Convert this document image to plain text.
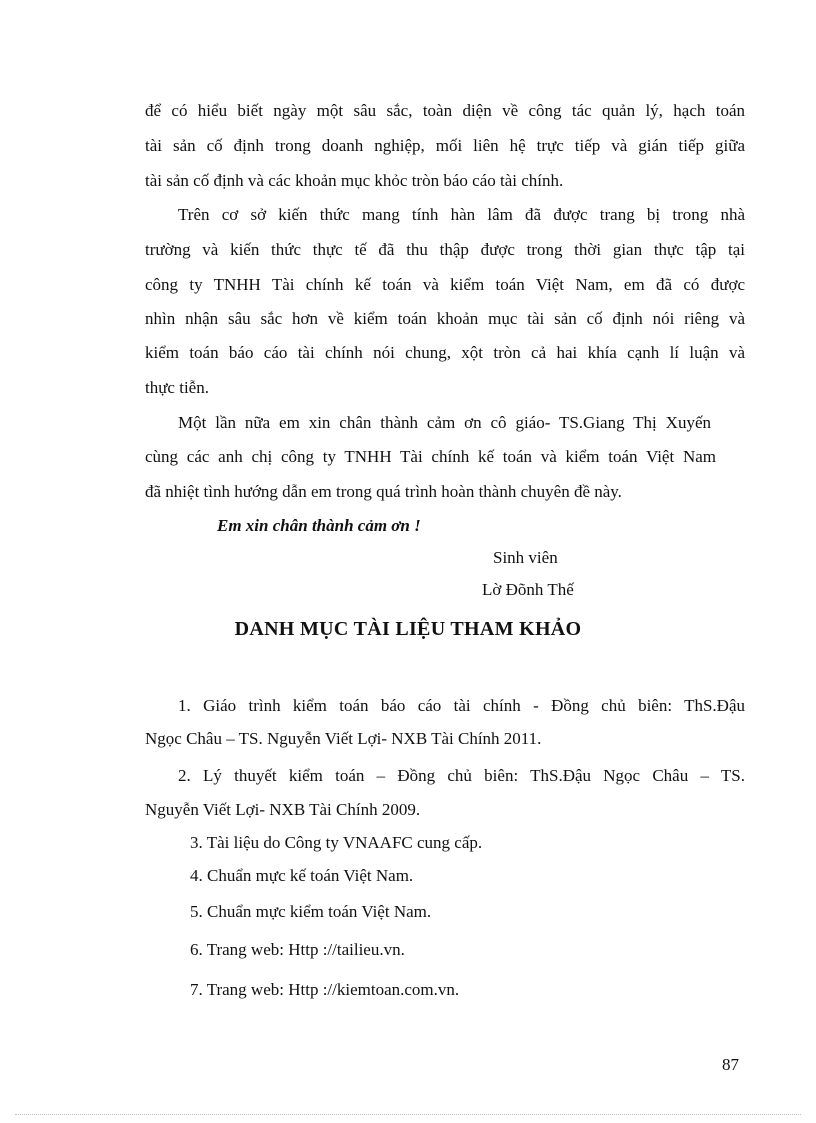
để có hiểu biết ngày một sâu sắc, toàn diện về công tác quản lý, hạch toán
tài sản cố định trong doanh nghiệp, mối liên hệ trực tiếp và gián tiếp giữa
tài sản cố định và các khoản mục khỏc tròn báo cáo tài chính.
Trên cơ sở kiến thức mang tính hàn lâm đã được trang bị trong nhà
trường và kiến thức thực tế đã thu thập được trong thời gian thực tập tại
công ty TNHH Tài chính kế toán và kiểm toán Việt Nam, em đã có được
nhìn nhận sâu sắc hơn về kiểm toán khoản mục tài sản cố định nói riêng và
kiểm toán báo cáo tài chính nói chung, xột tròn cả hai khía cạnh lí luận và
thực tiễn.
Một lần nữa em xin chân thành cảm ơn cô giáo- TS.Giang Thị Xuyến
cùng các anh chị công ty TNHH Tài chính kế toán và kiểm toán Việt Nam
đã nhiệt tình hướng dẫn em trong quá trình hoàn thành chuyên đề này.
Em xin chân thành cảm ơn !
Sinh viên
Lờ Đõnh Thế
DANH MỤC TÀI LIỆU THAM KHẢO
1. Giáo trình kiểm toán báo cáo tài chính - Đồng chủ biên: ThS.Đậu
Ngọc Châu – TS. Nguyễn Viết Lợi- NXB Tài Chính 2011.
2. Lý thuyết kiểm toán – Đồng chủ biên: ThS.Đậu Ngọc Châu – TS.
Nguyễn Viết Lợi- NXB Tài Chính 2009.
3. Tài liệu do Công ty VNAAFC cung cấp.
4. Chuẩn mực kế toán Việt Nam.
5. Chuẩn mực kiểm toán Việt Nam.
6. Trang web: Http ://tailieu.vn.
7. Trang web: Http ://kiemtoan.com.vn.
87
